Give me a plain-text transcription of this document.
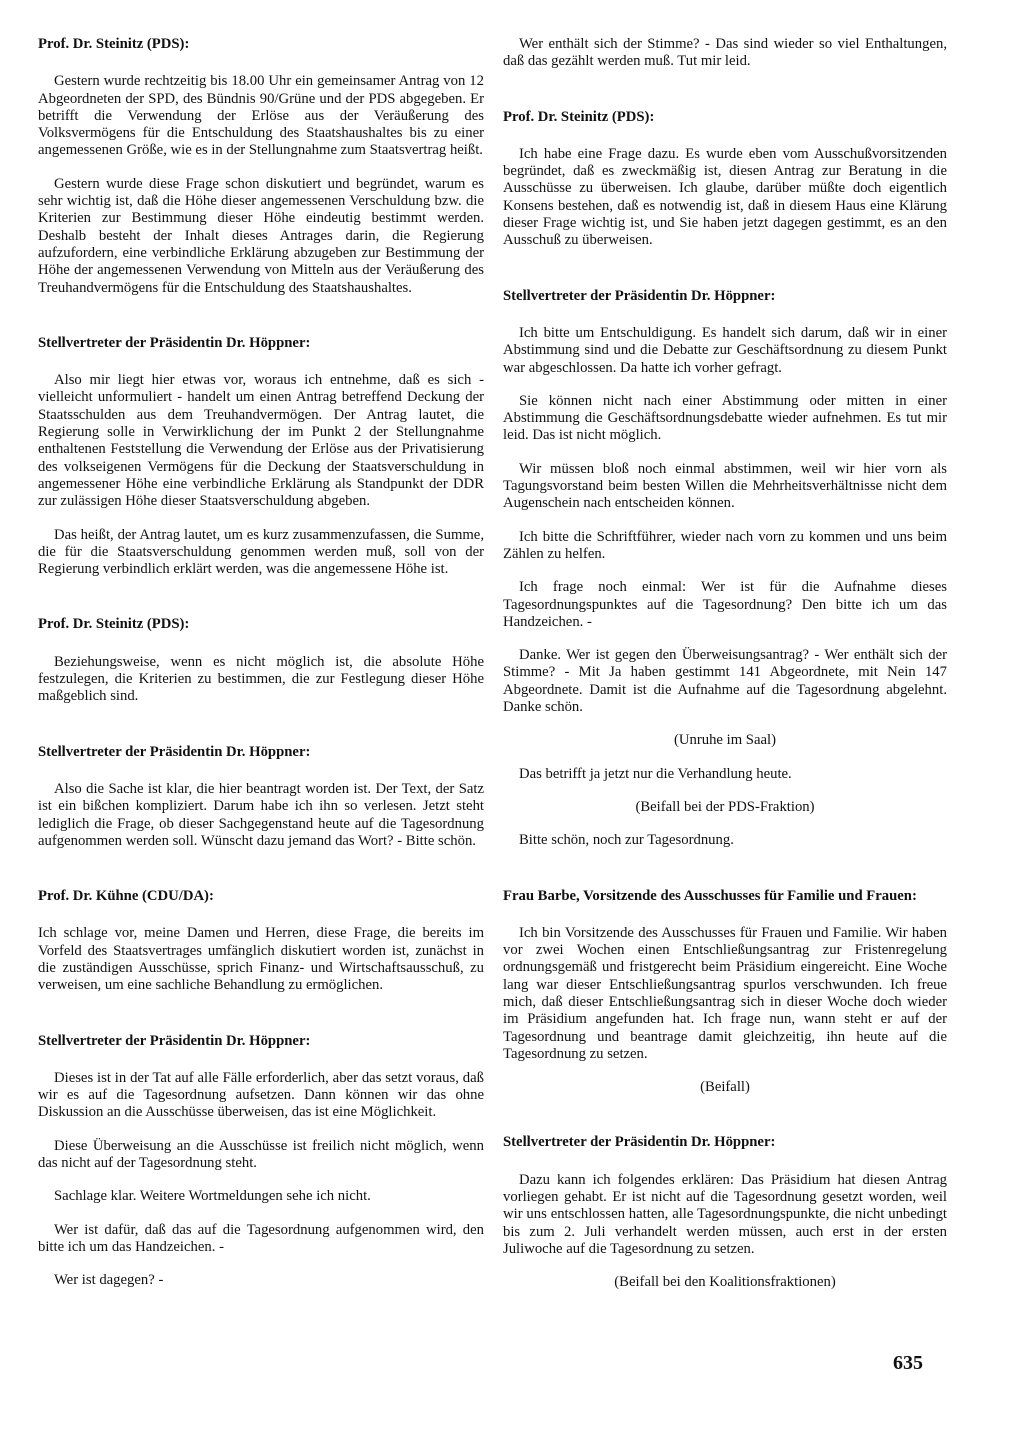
Prof. Dr. Steinitz (PDS):
Gestern wurde rechtzeitig bis 18.00 Uhr ein gemeinsamer Antrag von 12 Abgeordneten der SPD, des Bündnis 90/Grüne und der PDS abgegeben. Er betrifft die Verwendung der Erlöse aus der Veräußerung des Volksvermögens für die Entschuldung des Staatshaushaltes bis zu einer angemessenen Größe, wie es in der Stellungnahme zum Staatsvertrag heißt.
Gestern wurde diese Frage schon diskutiert und begründet, warum es sehr wichtig ist, daß die Höhe dieser angemessenen Verschuldung bzw. die Kriterien zur Bestimmung dieser Höhe eindeutig bestimmt werden. Deshalb besteht der Inhalt dieses Antrages darin, die Regierung aufzufordern, eine verbindliche Erklärung abzugeben zur Bestimmung der Höhe der angemessenen Verwendung von Mitteln aus der Veräußerung des Treuhandvermögens für die Entschuldung des Staatshaushaltes.
Stellvertreter der Präsidentin Dr. Höppner:
Also mir liegt hier etwas vor, woraus ich entnehme, daß es sich - vielleicht unformuliert - handelt um einen Antrag betreffend Deckung der Staatsschulden aus dem Treuhandvermögen. Der Antrag lautet, die Regierung solle in Verwirklichung der im Punkt 2 der Stellungnahme enthaltenen Feststellung die Verwendung der Erlöse aus der Privatisierung des volkseigenen Vermögens für die Deckung der Staatsverschuldung in angemessener Höhe eine verbindliche Erklärung als Standpunkt der DDR zur zulässigen Höhe dieser Staatsverschuldung abgeben.
Das heißt, der Antrag lautet, um es kurz zusammenzufassen, die Summe, die für die Staatsverschuldung genommen werden muß, soll von der Regierung verbindlich erklärt werden, was die angemessene Höhe ist.
Prof. Dr. Steinitz (PDS):
Beziehungsweise, wenn es nicht möglich ist, die absolute Höhe festzulegen, die Kriterien zu bestimmen, die zur Festlegung dieser Höhe maßgeblich sind.
Stellvertreter der Präsidentin Dr. Höppner:
Also die Sache ist klar, die hier beantragt worden ist. Der Text, der Satz ist ein bißchen kompliziert. Darum habe ich ihn so verlesen. Jetzt steht lediglich die Frage, ob dieser Sachgegenstand heute auf die Tagesordnung aufgenommen werden soll. Wünscht dazu jemand das Wort? - Bitte schön.
Prof. Dr. Kühne (CDU/DA):
Ich schlage vor, meine Damen und Herren, diese Frage, die bereits im Vorfeld des Staatsvertrages umfänglich diskutiert worden ist, zunächst in die zuständigen Ausschüsse, sprich Finanz- und Wirtschaftsausschuß, zu verweisen, um eine sachliche Behandlung zu ermöglichen.
Stellvertreter der Präsidentin Dr. Höppner:
Dieses ist in der Tat auf alle Fälle erforderlich, aber das setzt voraus, daß wir es auf die Tagesordnung aufsetzen. Dann können wir das ohne Diskussion an die Ausschüsse überweisen, das ist eine Möglichkeit.
Diese Überweisung an die Ausschüsse ist freilich nicht möglich, wenn das nicht auf der Tagesordnung steht.
Sachlage klar. Weitere Wortmeldungen sehe ich nicht.
Wer ist dafür, daß das auf die Tagesordnung aufgenommen wird, den bitte ich um das Handzeichen. -
Wer ist dagegen? -
Wer enthält sich der Stimme? - Das sind wieder so viel Enthaltungen, daß das gezählt werden muß. Tut mir leid.
Prof. Dr. Steinitz (PDS):
Ich habe eine Frage dazu. Es wurde eben vom Ausschußvorsitzenden begründet, daß es zweckmäßig ist, diesen Antrag zur Beratung in die Ausschüsse zu überweisen. Ich glaube, darüber müßte doch eigentlich Konsens bestehen, daß es notwendig ist, daß in diesem Haus eine Klärung dieser Frage wichtig ist, und Sie haben jetzt dagegen gestimmt, es an den Ausschuß zu überweisen.
Stellvertreter der Präsidentin Dr. Höppner:
Ich bitte um Entschuldigung. Es handelt sich darum, daß wir in einer Abstimmung sind und die Debatte zur Geschäftsordnung zu diesem Punkt war abgeschlossen. Da hatte ich vorher gefragt.
Sie können nicht nach einer Abstimmung oder mitten in einer Abstimmung die Geschäftsordnungsdebatte wieder aufnehmen. Es tut mir leid. Das ist nicht möglich.
Wir müssen bloß noch einmal abstimmen, weil wir hier vorn als Tagungsvorstand beim besten Willen die Mehrheitsverhältnisse nicht dem Augenschein nach entscheiden können.
Ich bitte die Schriftführer, wieder nach vorn zu kommen und uns beim Zählen zu helfen.
Ich frage noch einmal: Wer ist für die Aufnahme dieses Tagesordnungspunktes auf die Tagesordnung? Den bitte ich um das Handzeichen. -
Danke. Wer ist gegen den Überweisungsantrag? - Wer enthält sich der Stimme? - Mit Ja haben gestimmt 141 Abgeordnete, mit Nein 147 Abgeordnete. Damit ist die Aufnahme auf die Tagesordnung abgelehnt. Danke schön.
(Unruhe im Saal)
Das betrifft ja jetzt nur die Verhandlung heute.
(Beifall bei der PDS-Fraktion)
Bitte schön, noch zur Tagesordnung.
Frau Barbe, Vorsitzende des Ausschusses für Familie und Frauen:
Ich bin Vorsitzende des Ausschusses für Frauen und Familie. Wir haben vor zwei Wochen einen Entschließungsantrag zur Fristenregelung ordnungsgemäß und fristgerecht beim Präsidium eingereicht. Eine Woche lang war dieser Entschließungsantrag spurlos verschwunden. Ich freue mich, daß dieser Entschließungsantrag sich in dieser Woche doch wieder im Präsidium angefunden hat. Ich frage nun, wann steht er auf der Tagesordnung und beantrage damit gleichzeitig, ihn heute auf die Tagesordnung zu setzen.
(Beifall)
Stellvertreter der Präsidentin Dr. Höppner:
Dazu kann ich folgendes erklären: Das Präsidium hat diesen Antrag vorliegen gehabt. Er ist nicht auf die Tagesordnung gesetzt worden, weil wir uns entschlossen hatten, alle Tagesordnungspunkte, die nicht unbedingt bis zum 2. Juli verhandelt werden müssen, auch erst in der ersten Juliwoche auf die Tagesordnung zu setzen.
(Beifall bei den Koalitionsfraktionen)
635
